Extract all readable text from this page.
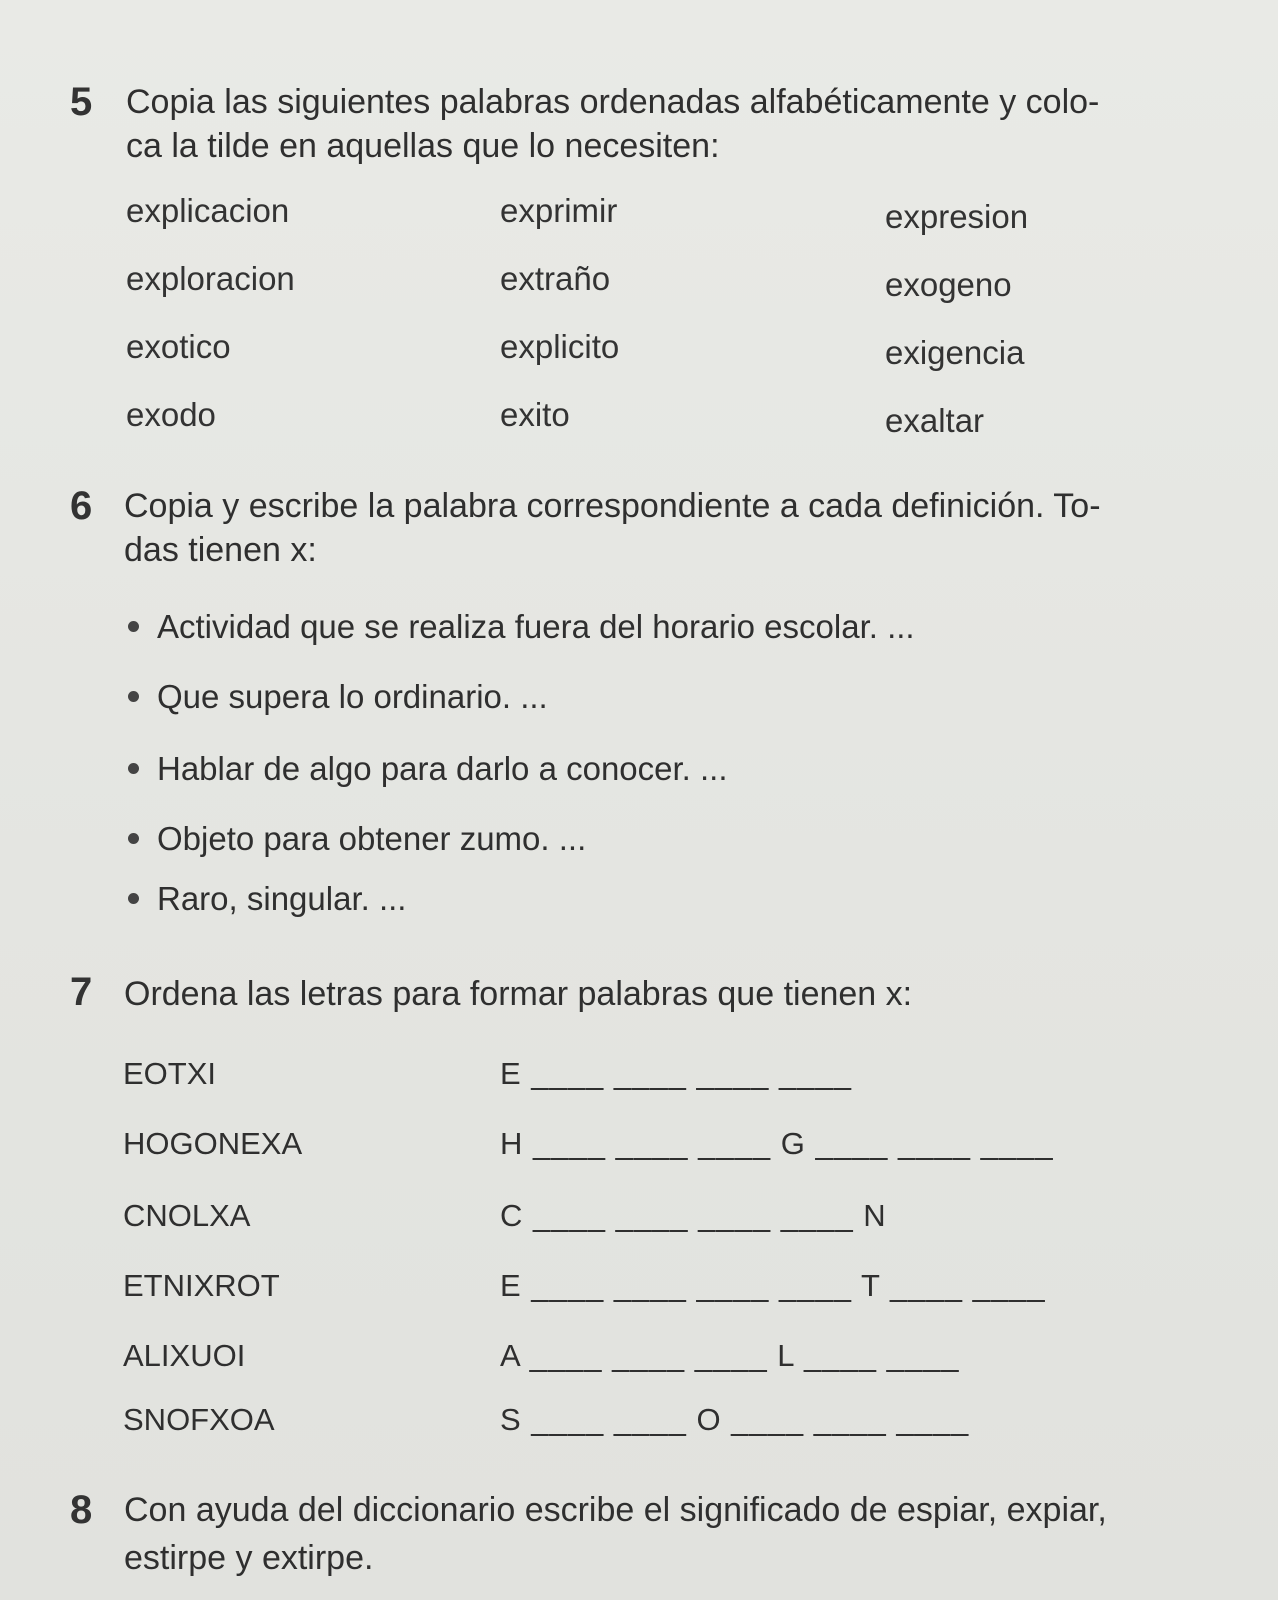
5 Copia las siguientes palabras ordenadas alfabéticamente y colo-
ca la tilde en aquellas que lo necesiten:
explicacion	exprimir	expresion
exploracion	extraño	exogeno
exotico	explicito	exigencia
exodo	exito	exaltar
6 Copia y escribe la palabra correspondiente a cada definición. To-
das tienen x:
Actividad que se realiza fuera del horario escolar. ...
Que supera lo ordinario. ...
Hablar de algo para darlo a conocer. ...
Objeto para obtener zumo. ...
Raro, singular. ...
7 Ordena las letras para formar palabras que tienen x:
EOTXI	E ____ ____ ____ ____
HOGONEXA	H ____ ____ ____ G ____ ____ ____
CNOLXA	C ____ ____ ____ ____ N
ETNIXROT	E ____ ____ ____ ____ T ____ ____
ALIXUOI	A ____ ____ ____ L ____ ____
SNOFXOA	S ____ ____ O ____ ____ ____
8 Con ayuda del diccionario escribe el significado de espiar, expiar,
estirpe y extirpe.
